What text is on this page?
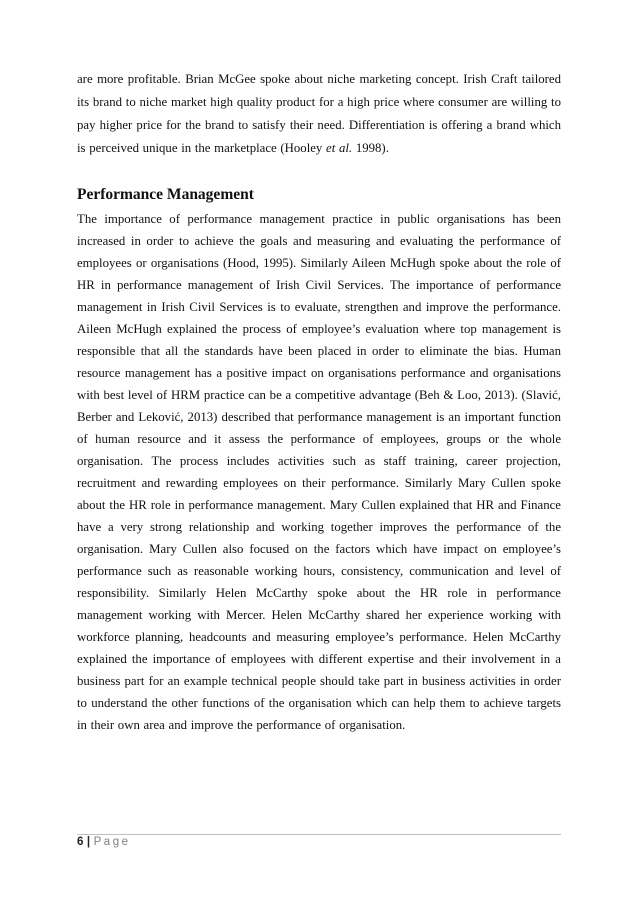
are more profitable. Brian McGee spoke about niche marketing concept. Irish Craft tailored its brand to niche market high quality product for a high price where consumer are willing to pay higher price for the brand to satisfy their need. Differentiation is offering a brand which is perceived unique in the marketplace (Hooley et al. 1998).

Performance Management

The importance of performance management practice in public organisations has been increased in order to achieve the goals and measuring and evaluating the performance of employees or organisations (Hood, 1995). Similarly Aileen McHugh spoke about the role of HR in performance management of Irish Civil Services. The importance of performance management in Irish Civil Services is to evaluate, strengthen and improve the performance. Aileen McHugh explained the process of employee’s evaluation where top management is responsible that all the standards have been placed in order to eliminate the bias. Human resource management has a positive impact on organisations performance and organisations with best level of HRM practice can be a competitive advantage (Beh & Loo, 2013). (Slavić, Berber and Leković, 2013) described that performance management is an important function of human resource and it assess the performance of employees, groups or the whole organisation. The process includes activities such as staff training, career projection, recruitment and rewarding employees on their performance. Similarly Mary Cullen spoke about the HR role in performance management. Mary Cullen explained that HR and Finance have a very strong relationship and working together improves the performance of the organisation. Mary Cullen also focused on the factors which have impact on employee’s performance such as reasonable working hours, consistency, communication and level of responsibility. Similarly Helen McCarthy spoke about the HR role in performance management working with Mercer. Helen McCarthy shared her experience working with workforce planning, headcounts and measuring employee’s performance. Helen McCarthy explained the importance of employees with different expertise and their involvement in a business part for an example technical people should take part in business activities in order to understand the other functions of the organisation which can help them to achieve targets in their own area and improve the performance of organisation.

6 | Page
